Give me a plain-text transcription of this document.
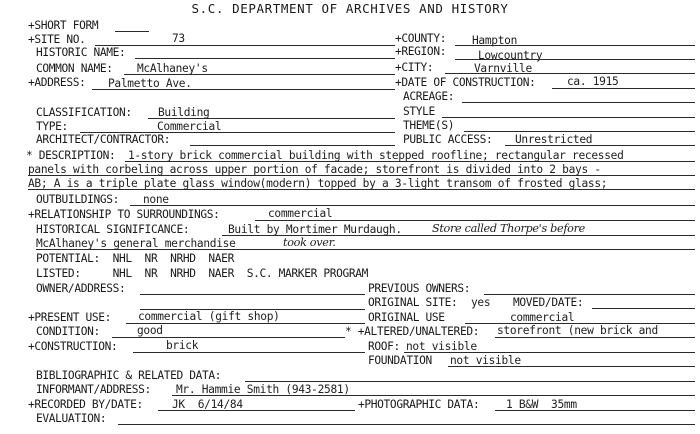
S.C. DEPARTMENT OF ARCHIVES AND HISTORY
+SHORT FORM
+SITE NO.	73
HISTORIC NAME:
COMMON NAME: McAlhaney's
+ADDRESS: Palmetto Ave.
CLASSIFICATION: Building
TYPE:	Commercial
ARCHITECT/CONTRACTOR:
+COUNTY: Hampton
+REGION:	Lowcountry
+CITY:	Varnville
+DATE OF CONSTRUCTION:	ca. 1915
ACREAGE:
STYLE
THEME(S)
PUBLIC ACCESS: Unrestricted
* DESCRIPTION: 1-story brick commercial building with stepped roofline; rectangular recessed
panels with corbeling across upper portion of facade; storefront is divided into 2 bays -
AB; A is a triple plate glass window(modern) topped by a 3-light transom of frosted glass;
OUTBUILDINGS: none
+RELATIONSHIP TO SURROUNDINGS:	commercial
HISTORICAL SIGNIFICANCE:	Built by Mortimer Murdaugh.	Store called Thorpe's before
McAlhaney's general merchandise	took over.
POTENTIAL:  NHL  NR  NRHD  NAER
LISTED:     NHL  NR  NRHD  NAER  S.C. MARKER PROGRAM
OWNER/ADDRESS:	PREVIOUS OWNERS:
ORIGINAL SITE: yes MOVED/DATE:
ORIGINAL USE	commercial
+PRESENT USE: commercial (gift shop)
CONDITION:	good	* +ALTERED/UNALTERED: storefront (new brick and
+CONSTRUCTION:	brick	ROOF: not visible
FOUNDATION not visible
BIBLIOGRAPHIC & RELATED DATA:
INFORMANT/ADDRESS: Mr. Hammie Smith (943-2581)
+RECORDED BY/DATE:	JK  6/14/84	+PHOTOGRAPHIC DATA: 1 B&W  35mm
EVALUATION:
